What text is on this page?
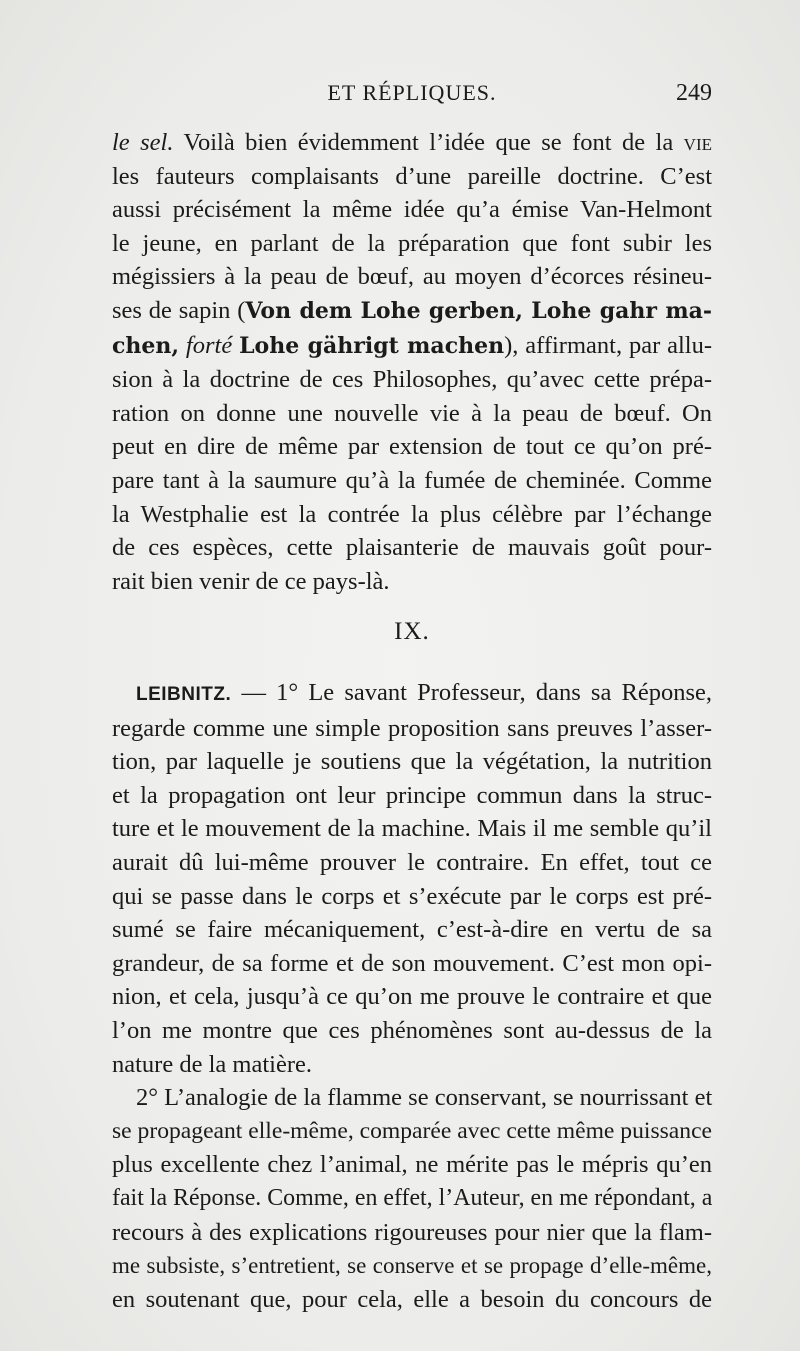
ET RÉPLIQUES.	249
le sel. Voilà bien évidemment l’idée que se font de la vie
les fauteurs complaisants d’une pareille doctrine. C’est
aussi précisément la même idée qu’a émise Van-Helmont
le jeune, en parlant de la préparation que font subir les
mégissiers à la peau de bœuf, au moyen d’écorces résineu-
ses de sapin (Von dem Lohe gerben, Lohe gahr ma-
chen, forté Lohe gährigt machen), affirmant, par allu-
sion à la doctrine de ces Philosophes, qu’avec cette prépa-
ration on donne une nouvelle vie à la peau de bœuf. On
peut en dire de même par extension de tout ce qu’on pré-
pare tant à la saumure qu’à la fumée de cheminée. Comme
la Westphalie est la contrée la plus célèbre par l’échange
de ces espèces, cette plaisanterie de mauvais goût pour-
rait bien venir de ce pays-là.
IX.
LEIBNITZ. — 1° Le savant Professeur, dans sa Réponse,
regarde comme une simple proposition sans preuves l’asser-
tion, par laquelle je soutiens que la végétation, la nutrition
et la propagation ont leur principe commun dans la struc-
ture et le mouvement de la machine. Mais il me semble qu’il
aurait dû lui-même prouver le contraire. En effet, tout ce
qui se passe dans le corps et s’exécute par le corps est pré-
sumé se faire mécaniquement, c’est-à-dire en vertu de sa
grandeur, de sa forme et de son mouvement. C’est mon opi-
nion, et cela, jusqu’à ce qu’on me prouve le contraire et que
l’on me montre que ces phénomènes sont au-dessus de la
nature de la matière.
2° L’analogie de la flamme se conservant, se nourrissant et
se propageant elle-même, comparée avec cette même puissance
plus excellente chez l’animal, ne mérite pas le mépris qu’en
fait la Réponse. Comme, en effet, l’Auteur, en me répondant, a
recours à des explications rigoureuses pour nier que la flam-
me subsiste, s’entretient, se conserve et se propage d’elle-même,
en soutenant que, pour cela, elle a besoin du concours de
